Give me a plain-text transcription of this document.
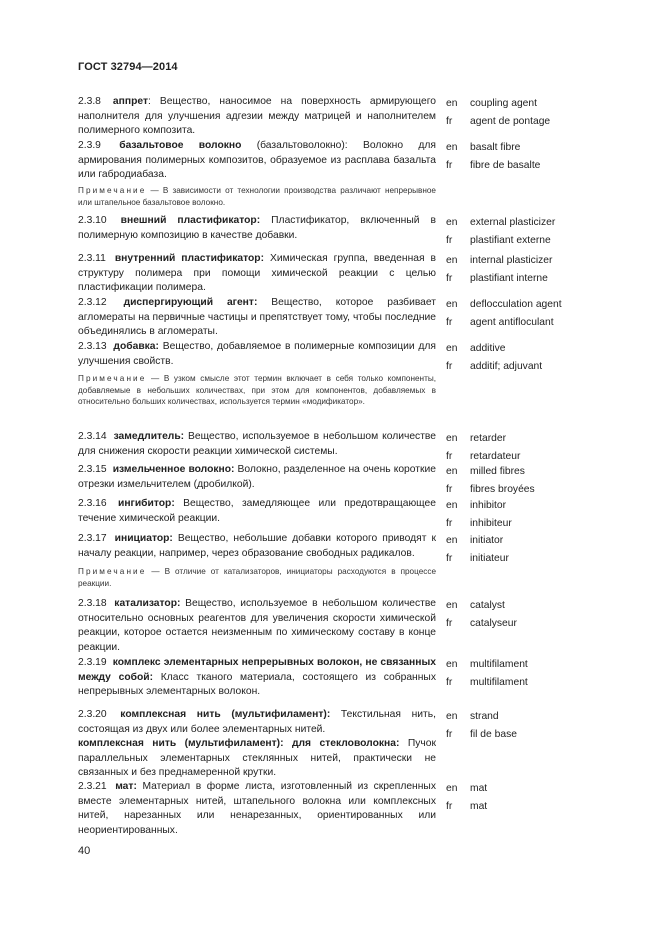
ГОСТ 32794—2014
2.3.8 аппрет: Вещество, наносимое на поверхность армирующего наполнителя для улучшения адгезии между матрицей и наполнителем полимерного композита.
en coupling agent
fr agent de pontage
2.3.9 базальтовое волокно (базальтоволокно): Волокно для армирования полимерных композитов, образуемое из расплава базальта или габродиабаза.
en basalt fibre
fr fibre de basalte
Примечание — В зависимости от технологии производства различают непрерывное или штапельное базальтовое волокно.
2.3.10 внешний пластификатор: Пластификатор, включенный в полимерную композицию в качестве добавки.
en external plasticizer
fr plastifiant externe
2.3.11 внутренний пластификатор: Химическая группа, введенная в структуру полимера при помощи химической реакции с целью пластификации полимера.
en internal plasticizer
fr plastifiant interne
2.3.12 диспергирующий агент: Вещество, которое разбивает агломераты на первичные частицы и препятствует тому, чтобы последние объединялись в агломераты.
en deflocculation agent
fr agent antifloculant
2.3.13 добавка: Вещество, добавляемое в полимерные композиции для улучшения свойств.
en additive
fr additif; adjuvant
Примечание — В узком смысле этот термин включает в себя только компоненты, добавляемые в небольших количествах, при этом для компонентов, добавляемых в относительно больших количествах, используется термин «модификатор».
2.3.14 замедлитель: Вещество, используемое в небольшом количестве для снижения скорости реакции химической системы.
en retarder
fr retardateur
2.3.15 измельченное волокно: Волокно, разделенное на очень короткие отрезки измельчителем (дробилкой).
en milled fibres
fr fibres broyées
2.3.16 ингибитор: Вещество, замедляющее или предотвращающее течение химической реакции.
en inhibitor
fr inhibiteur
2.3.17 инициатор: Вещество, небольшие добавки которого приводят к началу реакции, например, через образование свободных радикалов.
en initiator
fr initiateur
Примечание — В отличие от катализаторов, инициаторы расходуются в процессе реакции.
2.3.18 катализатор: Вещество, используемое в небольшом количестве относительно основных реагентов для увеличения скорости химической реакции, которое остается неизменным по химическому составу в конце реакции.
en catalyst
fr catalyseur
2.3.19 комплекс элементарных непрерывных волокон, не связанных между собой: Класс тканого материала, состоящего из собранных непрерывных элементарных волокон.
en multifilament
fr multifilament
2.3.20 комплексная нить (мультифиламент): Текстильная нить, состоящая из двух или более элементарных нитей.
комплексная нить (мультифиламент): для стекловолокна: Пучок параллельных элементарных стеклянных нитей, практически не связанных и без преднамеренной крутки.
en strand
fr fil de base
2.3.21 мат: Материал в форме листа, изготовленный из скрепленных вместе элементарных нитей, штапельного волокна или комплексных нитей, нарезанных или ненарезанных, ориентированных или неориентированных.
en mat
fr mat
40
